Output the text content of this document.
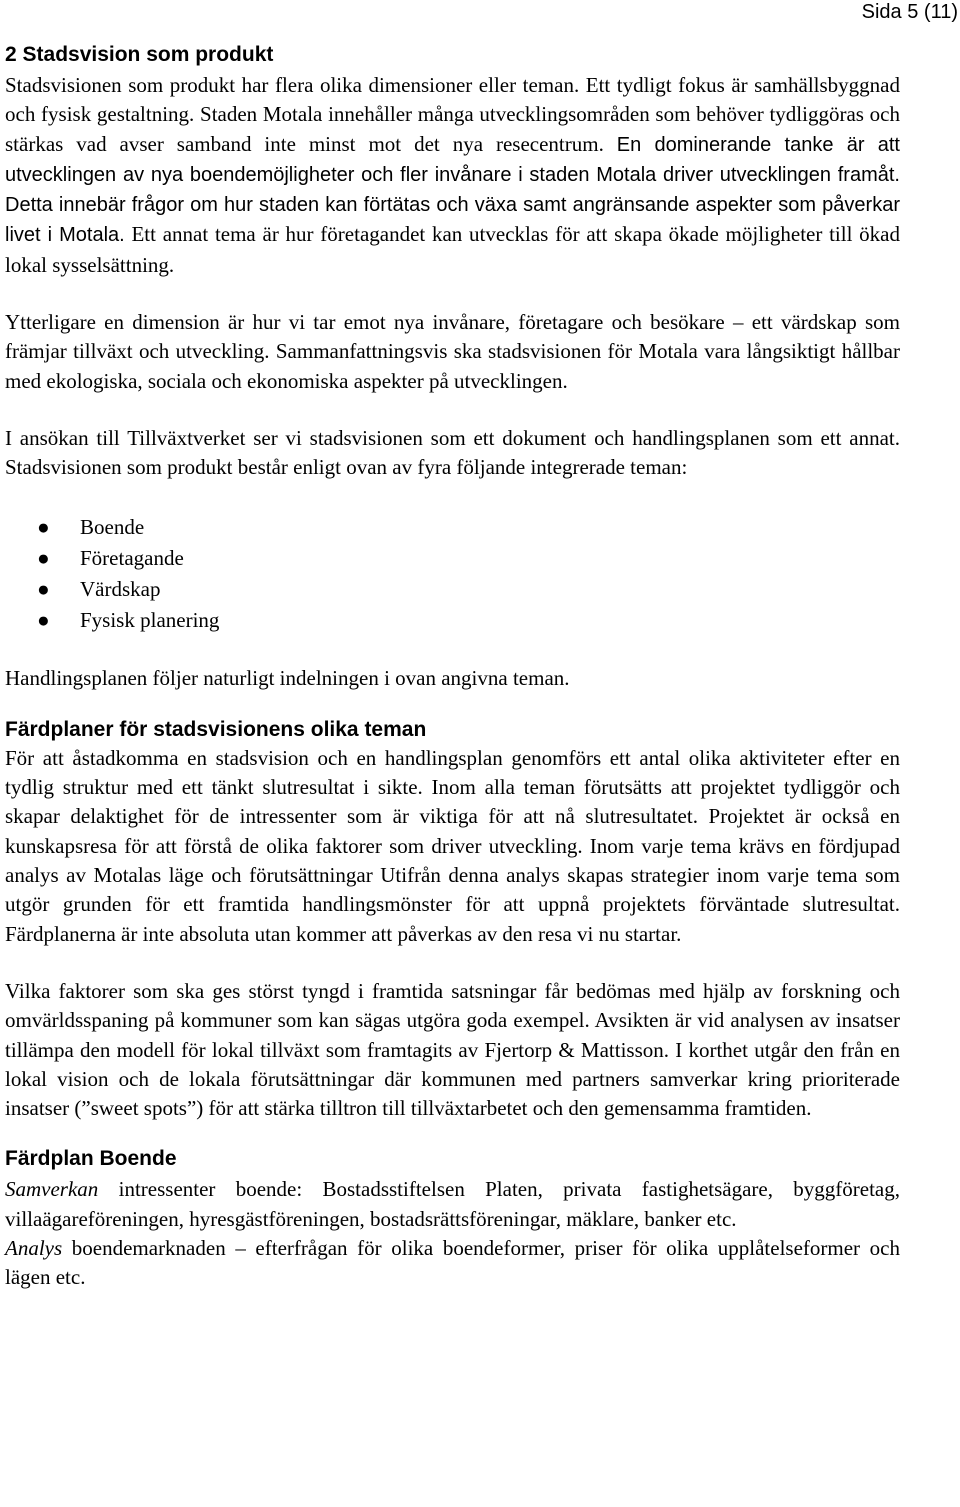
Sida 5 (11)
2 Stadsvision som produkt

Stadsvisionen som produkt har flera olika dimensioner eller teman. Ett tydligt fokus är samhällsbyggnad och fysisk gestaltning. Staden Motala innehåller många utvecklingsområden som behöver tydliggöras och stärkas vad avser samband inte minst mot det nya resecentrum. En dominerande tanke är att utvecklingen av nya boendemöjligheter och fler invånare i staden Motala driver utvecklingen framåt. Detta innebär frågor om hur staden kan förtätas och växa samt angränsande aspekter som påverkar livet i Motala. Ett annat tema är hur företagandet kan utvecklas för att skapa ökade möjligheter till ökad lokal sysselsättning.

Ytterligare en dimension är hur vi tar emot nya invånare, företagare och besökare – ett värdskap som främjar tillväxt och utveckling. Sammanfattningsvis ska stadsvisionen för Motala vara långsiktigt hållbar med ekologiska, sociala och ekonomiska aspekter på utvecklingen.

I ansökan till Tillväxtverket ser vi stadsvisionen som ett dokument och handlingsplanen som ett annat. Stadsvisionen som produkt består enligt ovan av fyra följande integrerade teman:

● Boende
● Företagande
● Värdskap
● Fysisk planering

Handlingsplanen följer naturligt indelningen i ovan angivna teman.

Färdplaner för stadsvisionens olika teman

För att åstadkomma en stadsvision och en handlingsplan genomförs ett antal olika aktiviteter efter en tydlig struktur med ett tänkt slutresultat i sikte. Inom alla teman förutsätts att projektet tydliggör och skapar delaktighet för de intressenter som är viktiga för att nå slutresultatet. Projektet är också en kunskapsresa för att förstå de olika faktorer som driver utveckling. Inom varje tema krävs en fördjupad analys av Motalas läge och förutsättningar Utifrån denna analys skapas strategier inom varje tema som utgör grunden för ett framtida handlingsmönster för att uppnå projektets förväntade slutresultat. Färdplanerna är inte absoluta utan kommer att påverkas av den resa vi nu startar.

Vilka faktorer som ska ges störst tyngd i framtida satsningar får bedömas med hjälp av forskning och omvärldsspaning på kommuner som kan sägas utgöra goda exempel. Avsikten är vid analysen av insatser tillämpa den modell för lokal tillväxt som framtagits av Fjertorp & Mattisson. I korthet utgår den från en lokal vision och de lokala förutsättningar där kommunen med partners samverkar kring prioriterade insatser (”sweet spots”) för att stärka tilltron till tillväxtarbetet och den gemensamma framtiden.

Färdplan Boende

Samverkan intressenter boende: Bostadsstiftelsen Platen, privata fastighetsägare, byggföretag, villaägareföreningen, hyresgästföreningen, bostadsrättsföreningar, mäklare, banker etc.

Analys boendemarknaden – efterfrågan för olika boendeformer, priser för olika upplåtelseformer och lägen etc.
